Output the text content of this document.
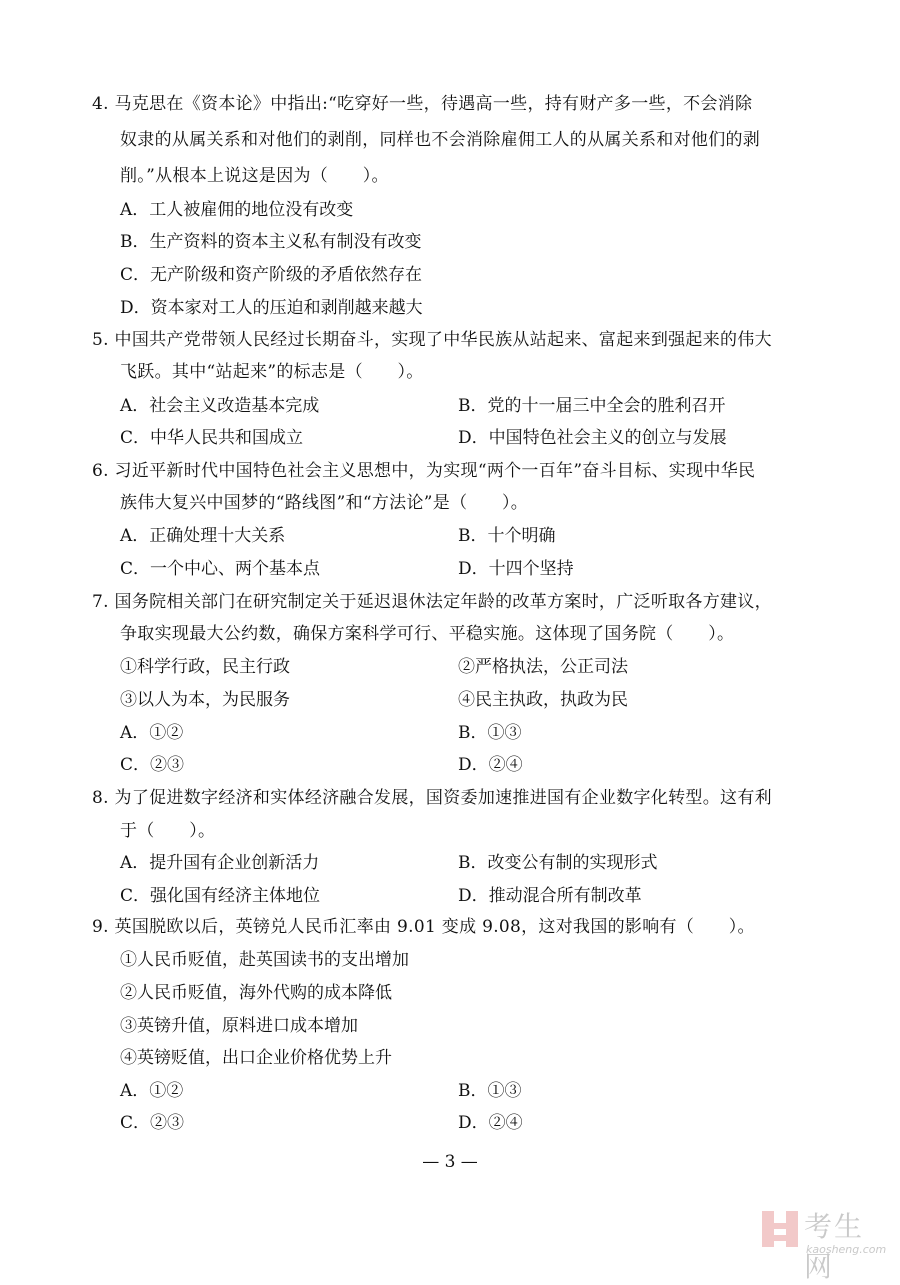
4. 马克思在《资本论》中指出:“吃穿好一些，待遇高一些，持有财产多一些，不会消除
奴隶的从属关系和对他们的剥削，同样也不会消除雇佣工人的从属关系和对他们的剥
削。”从根本上说这是因为（　　）。
A．工人被雇佣的地位没有改变
B．生产资料的资本主义私有制没有改变
C．无产阶级和资产阶级的矛盾依然存在
D．资本家对工人的压迫和剥削越来越大
5. 中国共产党带领人民经过长期奋斗，实现了中华民族从站起来、富起来到强起来的伟大
飞跃。其中“站起来”的标志是（　　）。
A．社会主义改造基本完成	B．党的十一届三中全会的胜利召开
C．中华人民共和国成立	D．中国特色社会主义的创立与发展
6. 习近平新时代中国特色社会主义思想中，为实现“两个一百年”奋斗目标、实现中华民
族伟大复兴中国梦的“路线图”和“方法论”是（　　）。
A．正确处理十大关系	B．十个明确
C．一个中心、两个基本点	D．十四个坚持
7. 国务院相关部门在研究制定关于延迟退休法定年龄的改革方案时，广泛听取各方建议，
争取实现最大公约数，确保方案科学可行、平稳实施。这体现了国务院（　　）。
①科学行政，民主行政	②严格执法，公正司法
③以人为本，为民服务	④民主执政，执政为民
A．①②	B．①③
C．②③	D．②④
8. 为了促进数字经济和实体经济融合发展，国资委加速推进国有企业数字化转型。这有利
于（　　）。
A．提升国有企业创新活力	B．改变公有制的实现形式
C．强化国有经济主体地位	D．推动混合所有制改革
9. 英国脱欧以后，英镑兑人民币汇率由 9.01 变成 9.08，这对我国的影响有（　　）。
①人民币贬值，赴英国读书的支出增加
②人民币贬值，海外代购的成本降低
③英镑升值，原料进口成本增加
④英镑贬值，出口企业价格优势上升
A．①②	B．①③
C．②③	D．②④
— 3 —
考生网
kaosheng.com
